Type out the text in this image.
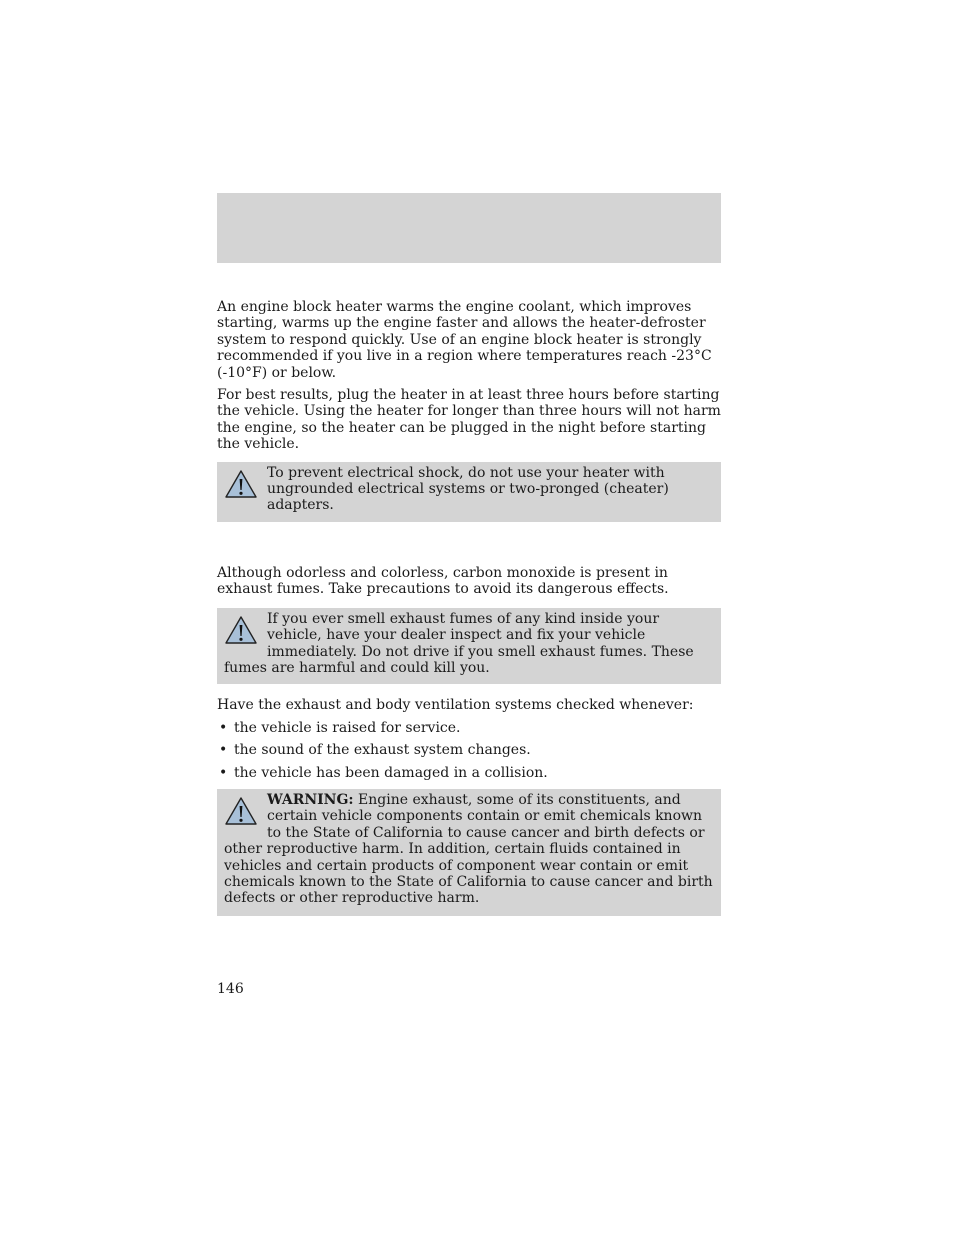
An engine block heater warms the engine coolant, which improves starting, warms up the engine faster and allows the heater-defroster system to respond quickly. Use of an engine block heater is strongly recommended if you live in a region where temperatures reach -23°C (-10°F) or below.

For best results, plug the heater in at least three hours before starting the vehicle. Using the heater for longer than three hours will not harm the engine, so the heater can be plugged in the night before starting the vehicle.

To prevent electrical shock, do not use your heater with ungrounded electrical systems or two-pronged (cheater) adapters.

Although odorless and colorless, carbon monoxide is present in exhaust fumes. Take precautions to avoid its dangerous effects.

If you ever smell exhaust fumes of any kind inside your vehicle, have your dealer inspect and fix your vehicle immediately. Do not drive if you smell exhaust fumes. These fumes are harmful and could kill you.

Have the exhaust and body ventilation systems checked whenever:

• the vehicle is raised for service.
• the sound of the exhaust system changes.
• the vehicle has been damaged in a collision.
WARNING: Engine exhaust, some of its constituents, and certain vehicle components contain or emit chemicals known to the State of California to cause cancer and birth defects or other reproductive harm. In addition, certain fluids contained in vehicles and certain products of component wear contain or emit chemicals known to the State of California to cause cancer and birth defects or other reproductive harm.
146
